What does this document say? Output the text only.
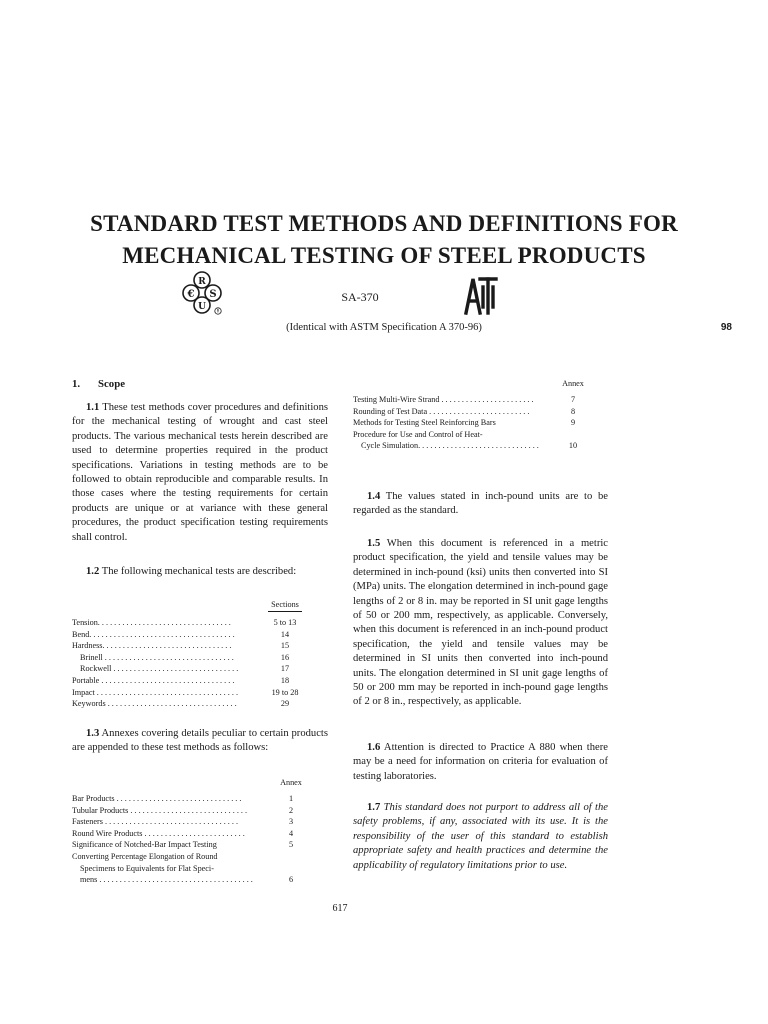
STANDARD TEST METHODS AND DEFINITIONS FOR
MECHANICAL TESTING OF STEEL PRODUCTS
R
€ S
U	R
SA-370
(Identical with ASTM Specification A 370-96)	98
1. Scope

1.1 These test methods cover procedures and definitions for the mechanical testing of wrought and cast steel products. The various mechanical tests herein described are used to determine properties required in the product specifications. Variations in testing methods are to be followed to obtain reproducible and comparable results. In those cases where the testing requirements for certain products are unique or at variance with these general procedures, the product specification testing requirements shall control.

1.2 The following mechanical tests are described:

Sections
Tension. . . . . . . . . . . . . . . . . . . . . . . . . . . . . . . . .	5 to 13
Bend. . . . . . . . . . . . . . . . . . . . . . . . . . . . . . . . . . . .	14
Hardness. . . . . . . . . . . . . . . . . . . . . . . . . . . . . . . .	15
Brinell . . . . . . . . . . . . . . . . . . . . . . . . . . . . . . . .	16
Rockwell . . . . . . . . . . . . . . . . . . . . . . . . . . . . . . .	17
Portable . . . . . . . . . . . . . . . . . . . . . . . . . . . . . . . . .	18
Impact . . . . . . . . . . . . . . . . . . . . . . . . . . . . . . . . . . .	19 to 28
Keywords . . . . . . . . . . . . . . . . . . . . . . . . . . . . . . . .	29

1.3 Annexes covering details peculiar to certain products are appended to these test methods as follows:

Annex
Bar Products . . . . . . . . . . . . . . . . . . . . . . . . . . . . . . .	1
Tubular Products . . . . . . . . . . . . . . . . . . . . . . . . . . . . .	2
Fasteners . . . . . . . . . . . . . . . . . . . . . . . . . . . . . . . . .	3
Round Wire Products . . . . . . . . . . . . . . . . . . . . . . . . .	4
Significance of Notched-Bar Impact Testing	5
Converting Percentage Elongation of Round
Specimens to Equivalents for Flat Speci-
mens . . . . . . . . . . . . . . . . . . . . . . . . . . . . . . . . . . . . . .	6
Annex
Testing Multi-Wire Strand . . . . . . . . . . . . . . . . . . . . . . .	7
Rounding of Test Data . . . . . . . . . . . . . . . . . . . . . . . . .	8
Methods for Testing Steel Reinforcing Bars	9
Procedure for Use and Control of Heat-
Cycle Simulation. . . . . . . . . . . . . . . . . . . . . . . . . . . . . .	10

1.4 The values stated in inch-pound units are to be regarded as the standard.

1.5 When this document is referenced in a metric product specification, the yield and tensile values may be determined in inch-pound (ksi) units then converted into SI (MPa) units. The elongation determined in inch-pound gage lengths of 2 or 8 in. may be reported in SI unit gage lengths of 50 or 200 mm, respectively, as applicable. Conversely, when this document is referenced in an inch-pound product specification, the yield and tensile values may be determined in SI units then converted into inch-pound units. The elongation determined in SI unit gage lengths of 50 or 200 mm may be reported in inch-pound gage lengths of 2 or 8 in., respectively, as applicable.

1.6 Attention is directed to Practice A 880 when there may be a need for information on criteria for evaluation of testing laboratories.

1.7 This standard does not purport to address all of the safety problems, if any, associated with its use. It is the responsibility of the user of this standard to establish appropriate safety and health practices and determine the applicability of regulatory limitations prior to use.

617
